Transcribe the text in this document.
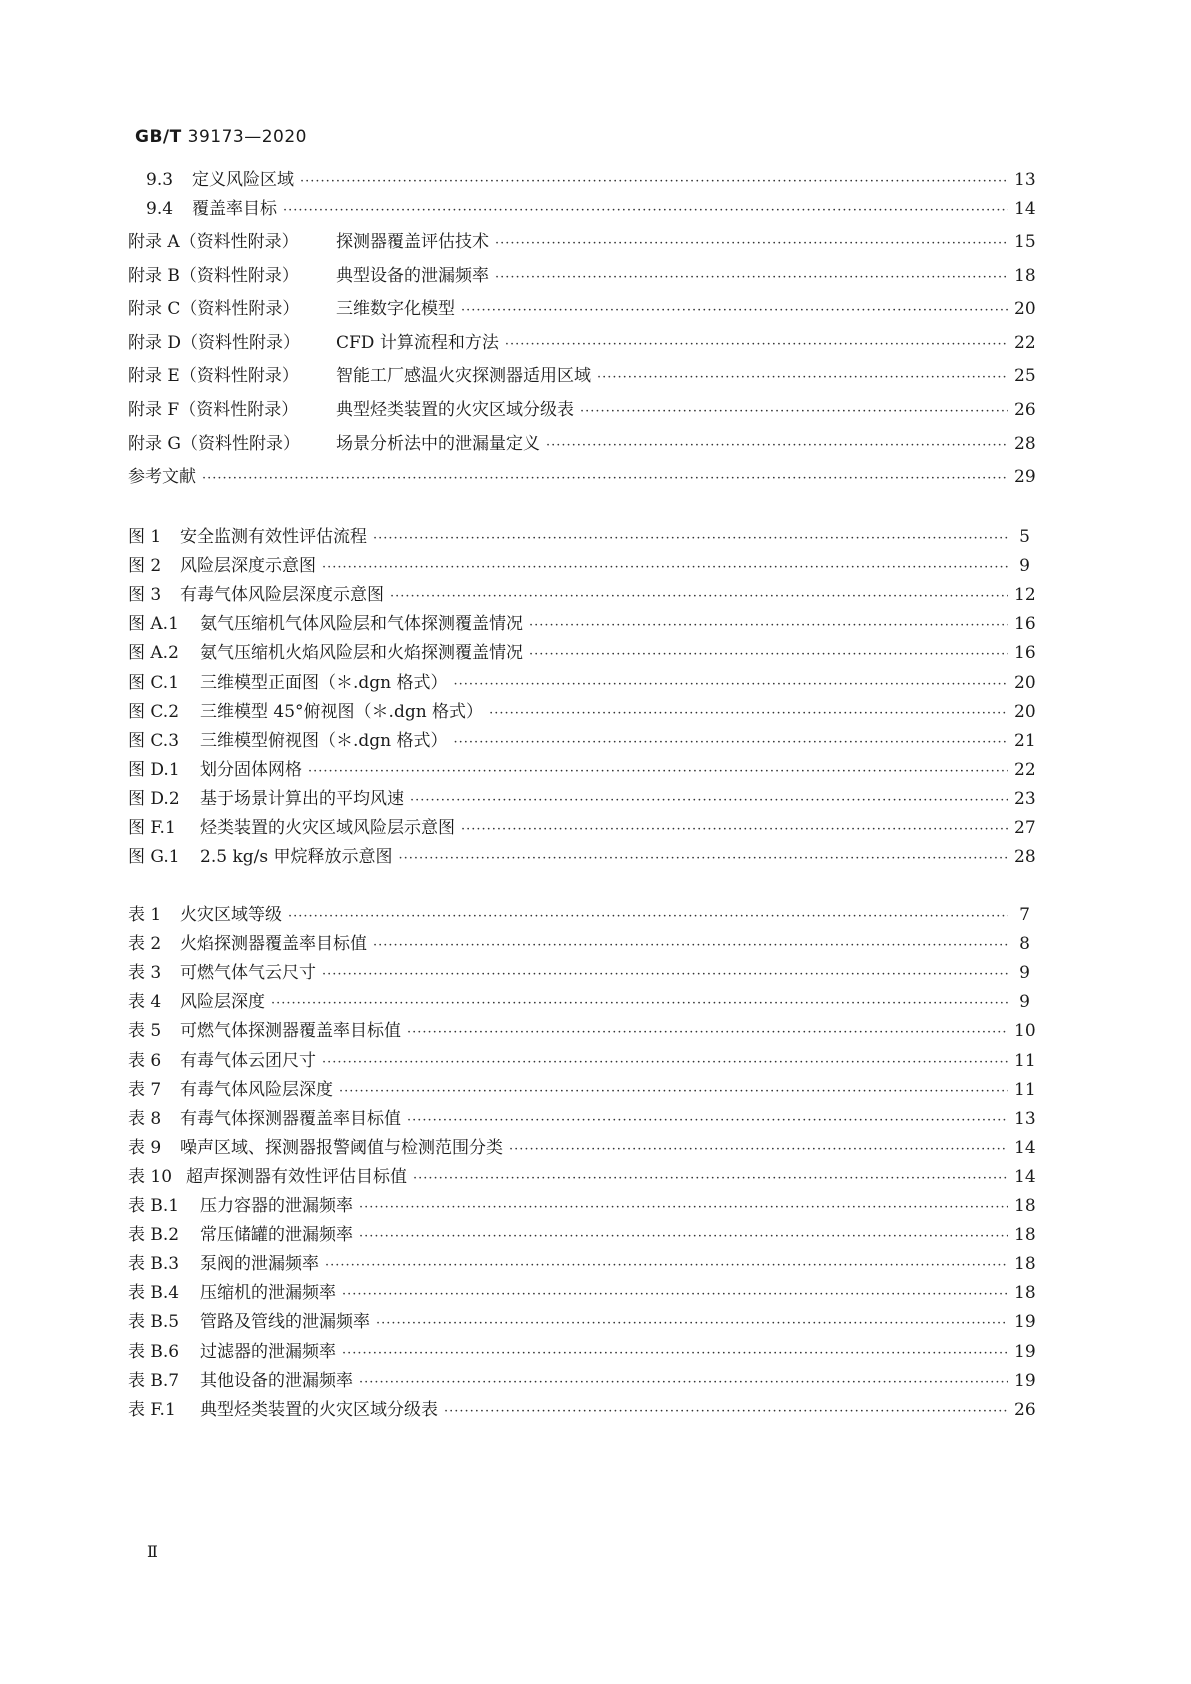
GB/T 39173—2020
9.3	定义风险区域 ·····	13
9.4	覆盖率目标 ·····	14
附录 A（资料性附录）	探测器覆盖评估技术 ·····	15
附录 B（资料性附录）	典型设备的泄漏频率 ·····	18
附录 C（资料性附录）	三维数字化模型 ·····	20
附录 D（资料性附录）	CFD 计算流程和方法 ·····	22
附录 E（资料性附录）	智能工厂感温火灾探测器适用区域 ·····	25
附录 F（资料性附录）	典型烃类装置的火灾区域分级表 ·····	26
附录 G（资料性附录）	场景分析法中的泄漏量定义 ·····	28
参考文献 ·····	29
图 1	安全监测有效性评估流程 ·····	5
图 2	风险层深度示意图 ·····	9
图 3	有毒气体风险层深度示意图 ·····	12
图 A.1	氨气压缩机气体风险层和气体探测覆盖情况 ·····	16
图 A.2	氨气压缩机火焰风险层和火焰探测覆盖情况 ·····	16
图 C.1	三维模型正面图（＊.dgn 格式） ·····	20
图 C.2	三维模型 45°俯视图（＊.dgn 格式） ·····	20
图 C.3	三维模型俯视图（＊.dgn 格式） ·····	21
图 D.1	划分固体网格 ·····	22
图 D.2	基于场景计算出的平均风速 ·····	23
图 F.1	烃类装置的火灾区域风险层示意图 ·····	27
图 G.1	2.5 kg/s 甲烷释放示意图 ·····	28
表 1	火灾区域等级 ·····	7
表 2	火焰探测器覆盖率目标值 ·····	8
表 3	可燃气体气云尺寸 ·····	9
表 4	风险层深度 ·····	9
表 5	可燃气体探测器覆盖率目标值 ·····	10
表 6	有毒气体云团尺寸 ·····	11
表 7	有毒气体风险层深度 ·····	11
表 8	有毒气体探测器覆盖率目标值 ·····	13
表 9	噪声区域、探测器报警阈值与检测范围分类 ·····	14
表 10 超声探测器有效性评估目标值 ·····	14
表 B.1	压力容器的泄漏频率 ·····	18
表 B.2	常压储罐的泄漏频率 ·····	18
表 B.3	泵阀的泄漏频率 ·····	18
表 B.4	压缩机的泄漏频率 ·····	18
表 B.5	管路及管线的泄漏频率 ·····	19
表 B.6	过滤器的泄漏频率 ·····	19
表 B.7	其他设备的泄漏频率 ·····	19
表 F.1	典型烃类装置的火灾区域分级表 ·····	26
Ⅱ
